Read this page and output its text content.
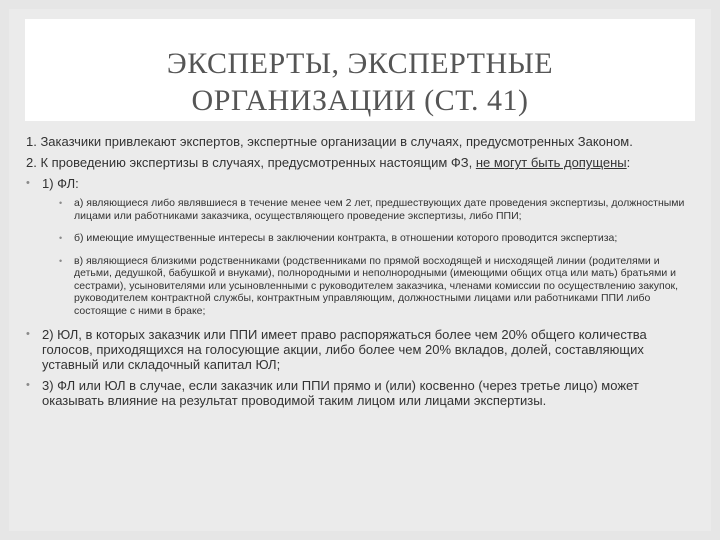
ЭКСПЕРТЫ, ЭКСПЕРТНЫЕ
ОРГАНИЗАЦИИ (СТ. 41)

1. Заказчики привлекают экспертов, экспертные организации в случаях, предусмотренных Законом.

2. К проведению экспертизы в случаях, предусмотренных настоящим ФЗ, не могут быть допущены:

• 1) ФЛ:
• а) являющиеся либо являвшиеся в течение менее чем 2 лет, предшествующих дате проведения экспертизы, должностными лицами или работниками заказчика, осуществляющего проведение экспертизы, либо ППИ;
• б) имеющие имущественные интересы в заключении контракта, в отношении которого проводится экспертиза;
• в) являющиеся близкими родственниками (родственниками по прямой восходящей и нисходящей линии (родителями и детьми, дедушкой, бабушкой и внуками), полнородными и неполнородными (имеющими общих отца или мать) братьями и сестрами), усыновителями или усыновленными с руководителем заказчика, членами комиссии по осуществлению закупок, руководителем контрактной службы, контрактным управляющим, должностными лицами или работниками ППИ либо состоящие с ними в браке;
• 2) ЮЛ, в которых заказчик или ППИ имеет право распоряжаться более чем 20% общего количества голосов, приходящихся на голосующие акции, либо более чем 20% вкладов, долей, составляющих уставный или складочный капитал ЮЛ;
• 3) ФЛ или ЮЛ в случае, если заказчик или ППИ прямо и (или) косвенно (через третье лицо) может оказывать влияние на результат проводимой таким лицом или лицами экспертизы.
